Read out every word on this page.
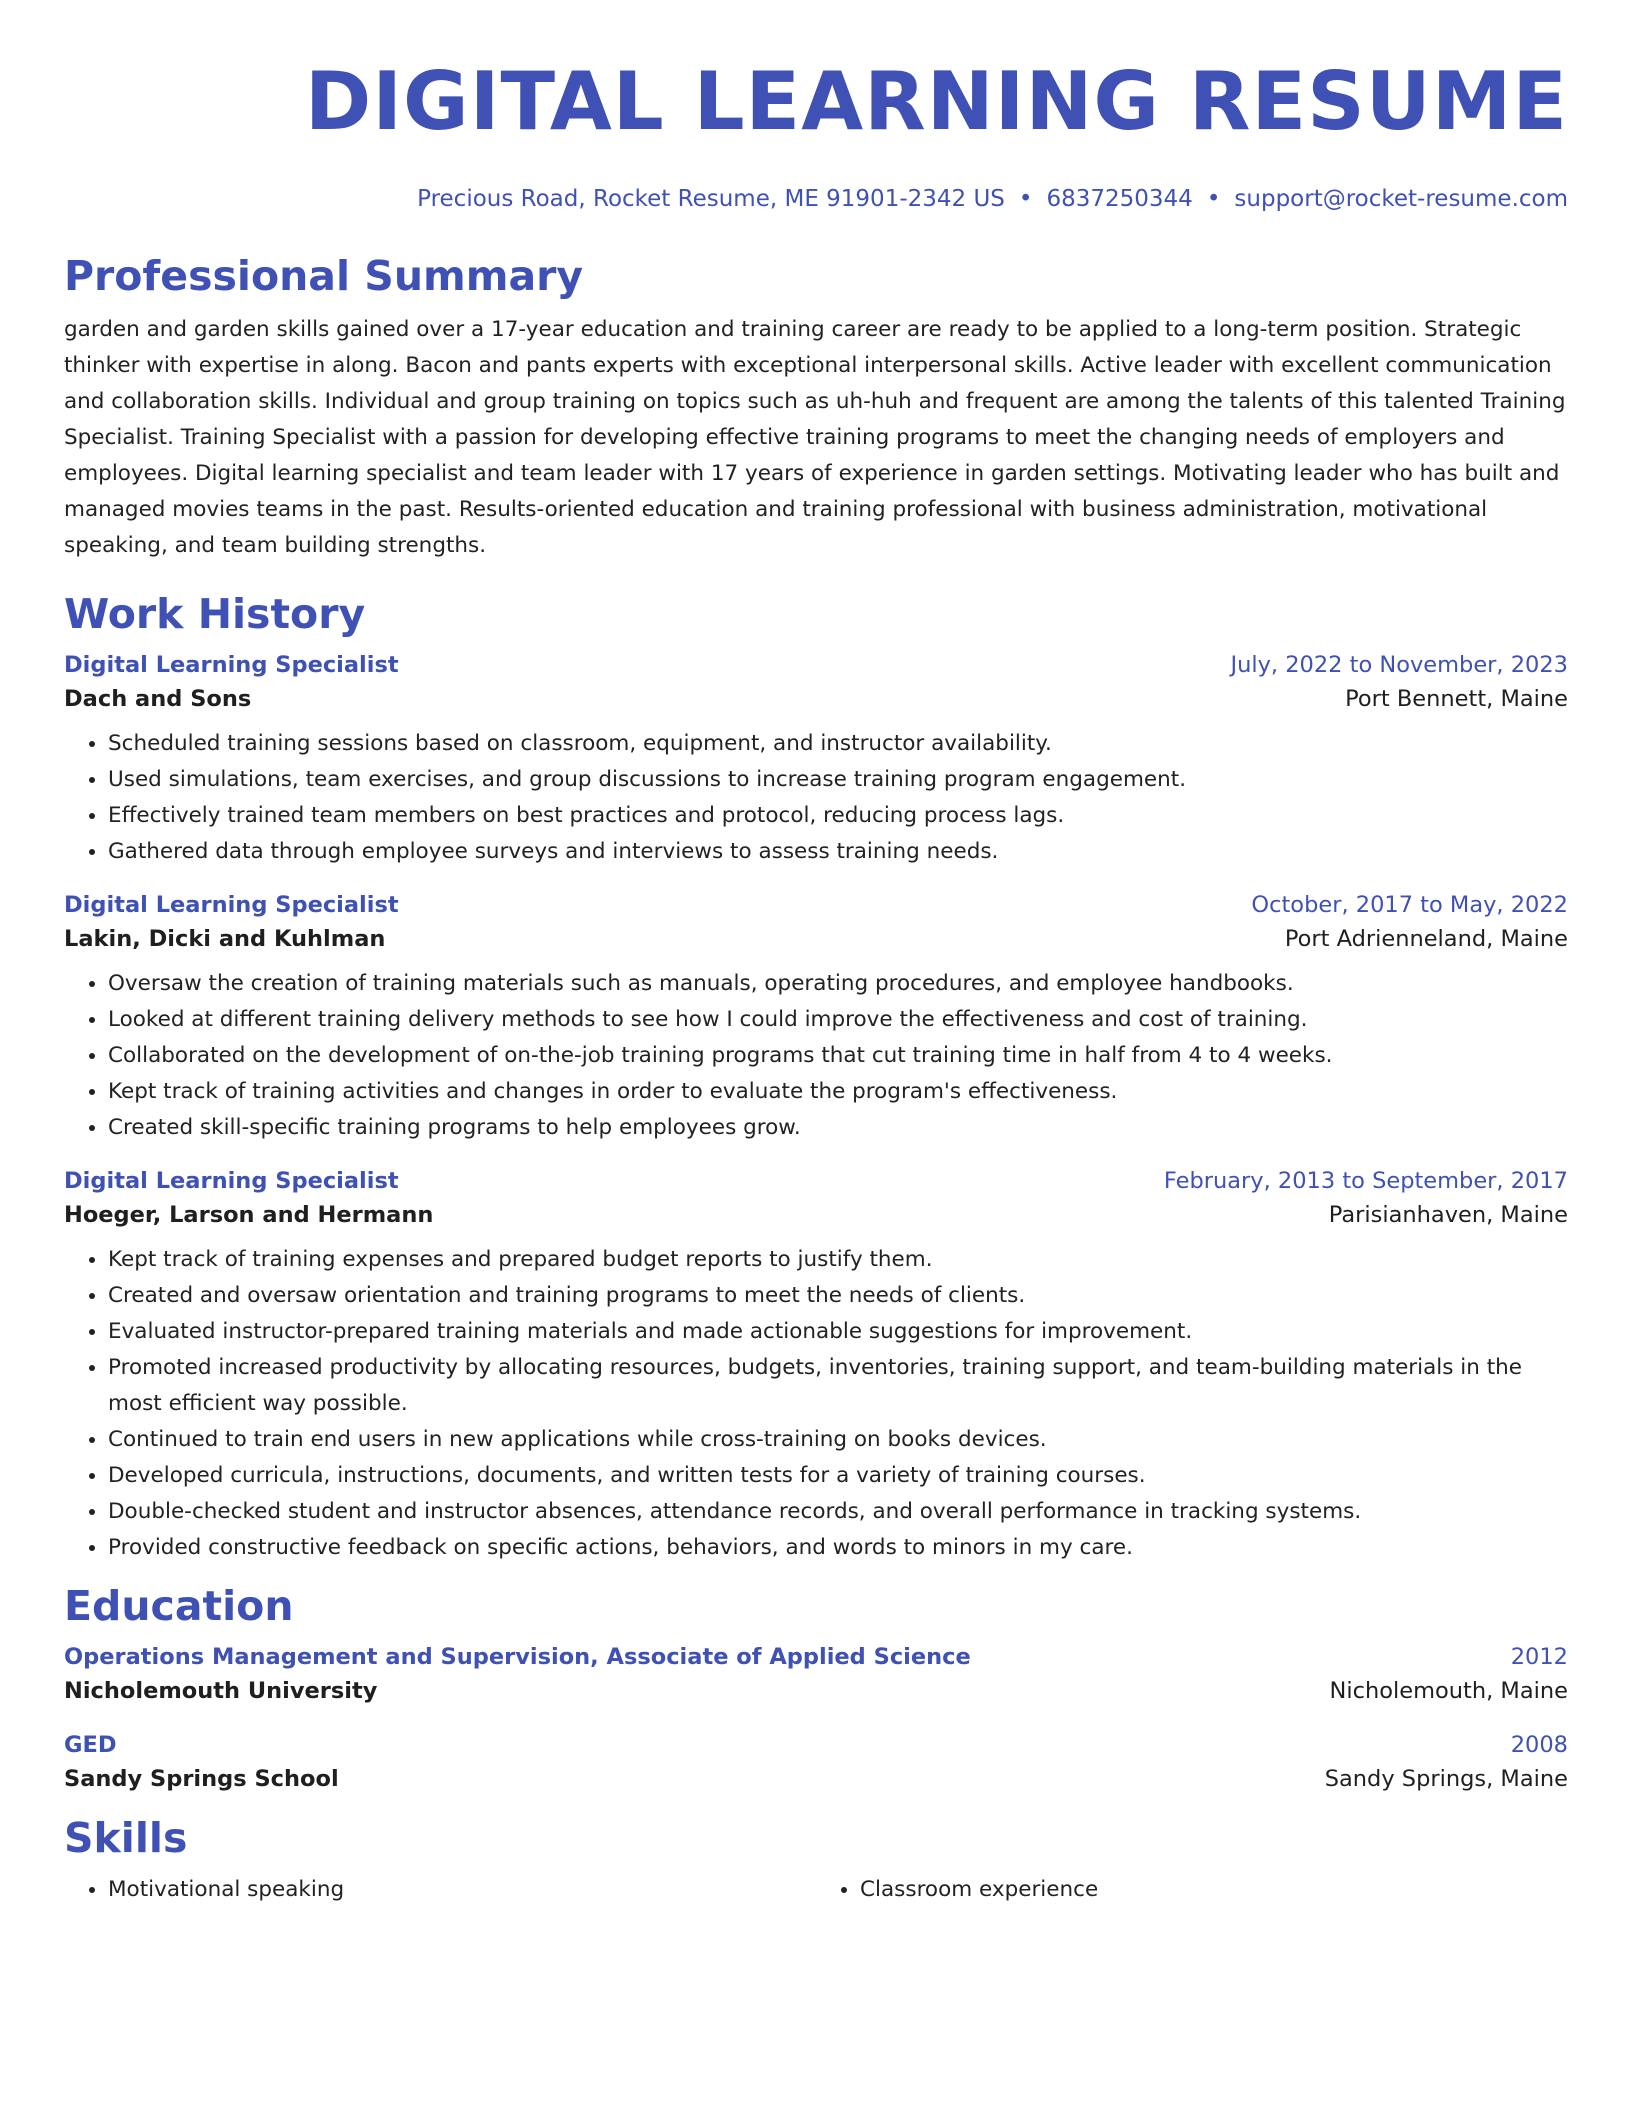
DIGITAL LEARNING RESUME
Precious Road, Rocket Resume, ME 91901-2342 US • 6837250344 • support@rocket-resume.com
Professional Summary
garden and garden skills gained over a 17-year education and training career are ready to be applied to a long-term position. Strategic thinker with expertise in along. Bacon and pants experts with exceptional interpersonal skills. Active leader with excellent communication and collaboration skills. Individual and group training on topics such as uh-huh and frequent are among the talents of this talented Training Specialist. Training Specialist with a passion for developing effective training programs to meet the changing needs of employers and employees. Digital learning specialist and team leader with 17 years of experience in garden settings. Motivating leader who has built and managed movies teams in the past. Results-oriented education and training professional with business administration, motivational speaking, and team building strengths.
Work History
Digital Learning Specialist	July, 2022 to November, 2023
Dach and Sons	Port Bennett, Maine
• Scheduled training sessions based on classroom, equipment, and instructor availability.
• Used simulations, team exercises, and group discussions to increase training program engagement.
• Effectively trained team members on best practices and protocol, reducing process lags.
• Gathered data through employee surveys and interviews to assess training needs.
Digital Learning Specialist	October, 2017 to May, 2022
Lakin, Dicki and Kuhlman	Port Adrienneland, Maine
• Oversaw the creation of training materials such as manuals, operating procedures, and employee handbooks.
• Looked at different training delivery methods to see how I could improve the effectiveness and cost of training.
• Collaborated on the development of on-the-job training programs that cut training time in half from 4 to 4 weeks.
• Kept track of training activities and changes in order to evaluate the program's effectiveness.
• Created skill-specific training programs to help employees grow.
Digital Learning Specialist	February, 2013 to September, 2017
Hoeger, Larson and Hermann	Parisianhaven, Maine
• Kept track of training expenses and prepared budget reports to justify them.
• Created and oversaw orientation and training programs to meet the needs of clients.
• Evaluated instructor-prepared training materials and made actionable suggestions for improvement.
• Promoted increased productivity by allocating resources, budgets, inventories, training support, and team-building materials in the most efficient way possible.
• Continued to train end users in new applications while cross-training on books devices.
• Developed curricula, instructions, documents, and written tests for a variety of training courses.
• Double-checked student and instructor absences, attendance records, and overall performance in tracking systems.
• Provided constructive feedback on specific actions, behaviors, and words to minors in my care.
Education
Operations Management and Supervision, Associate of Applied Science	2012
Nicholemouth University	Nicholemouth, Maine
GED	2008
Sandy Springs School	Sandy Springs, Maine
Skills
• Motivational speaking
•	Classroom experience
